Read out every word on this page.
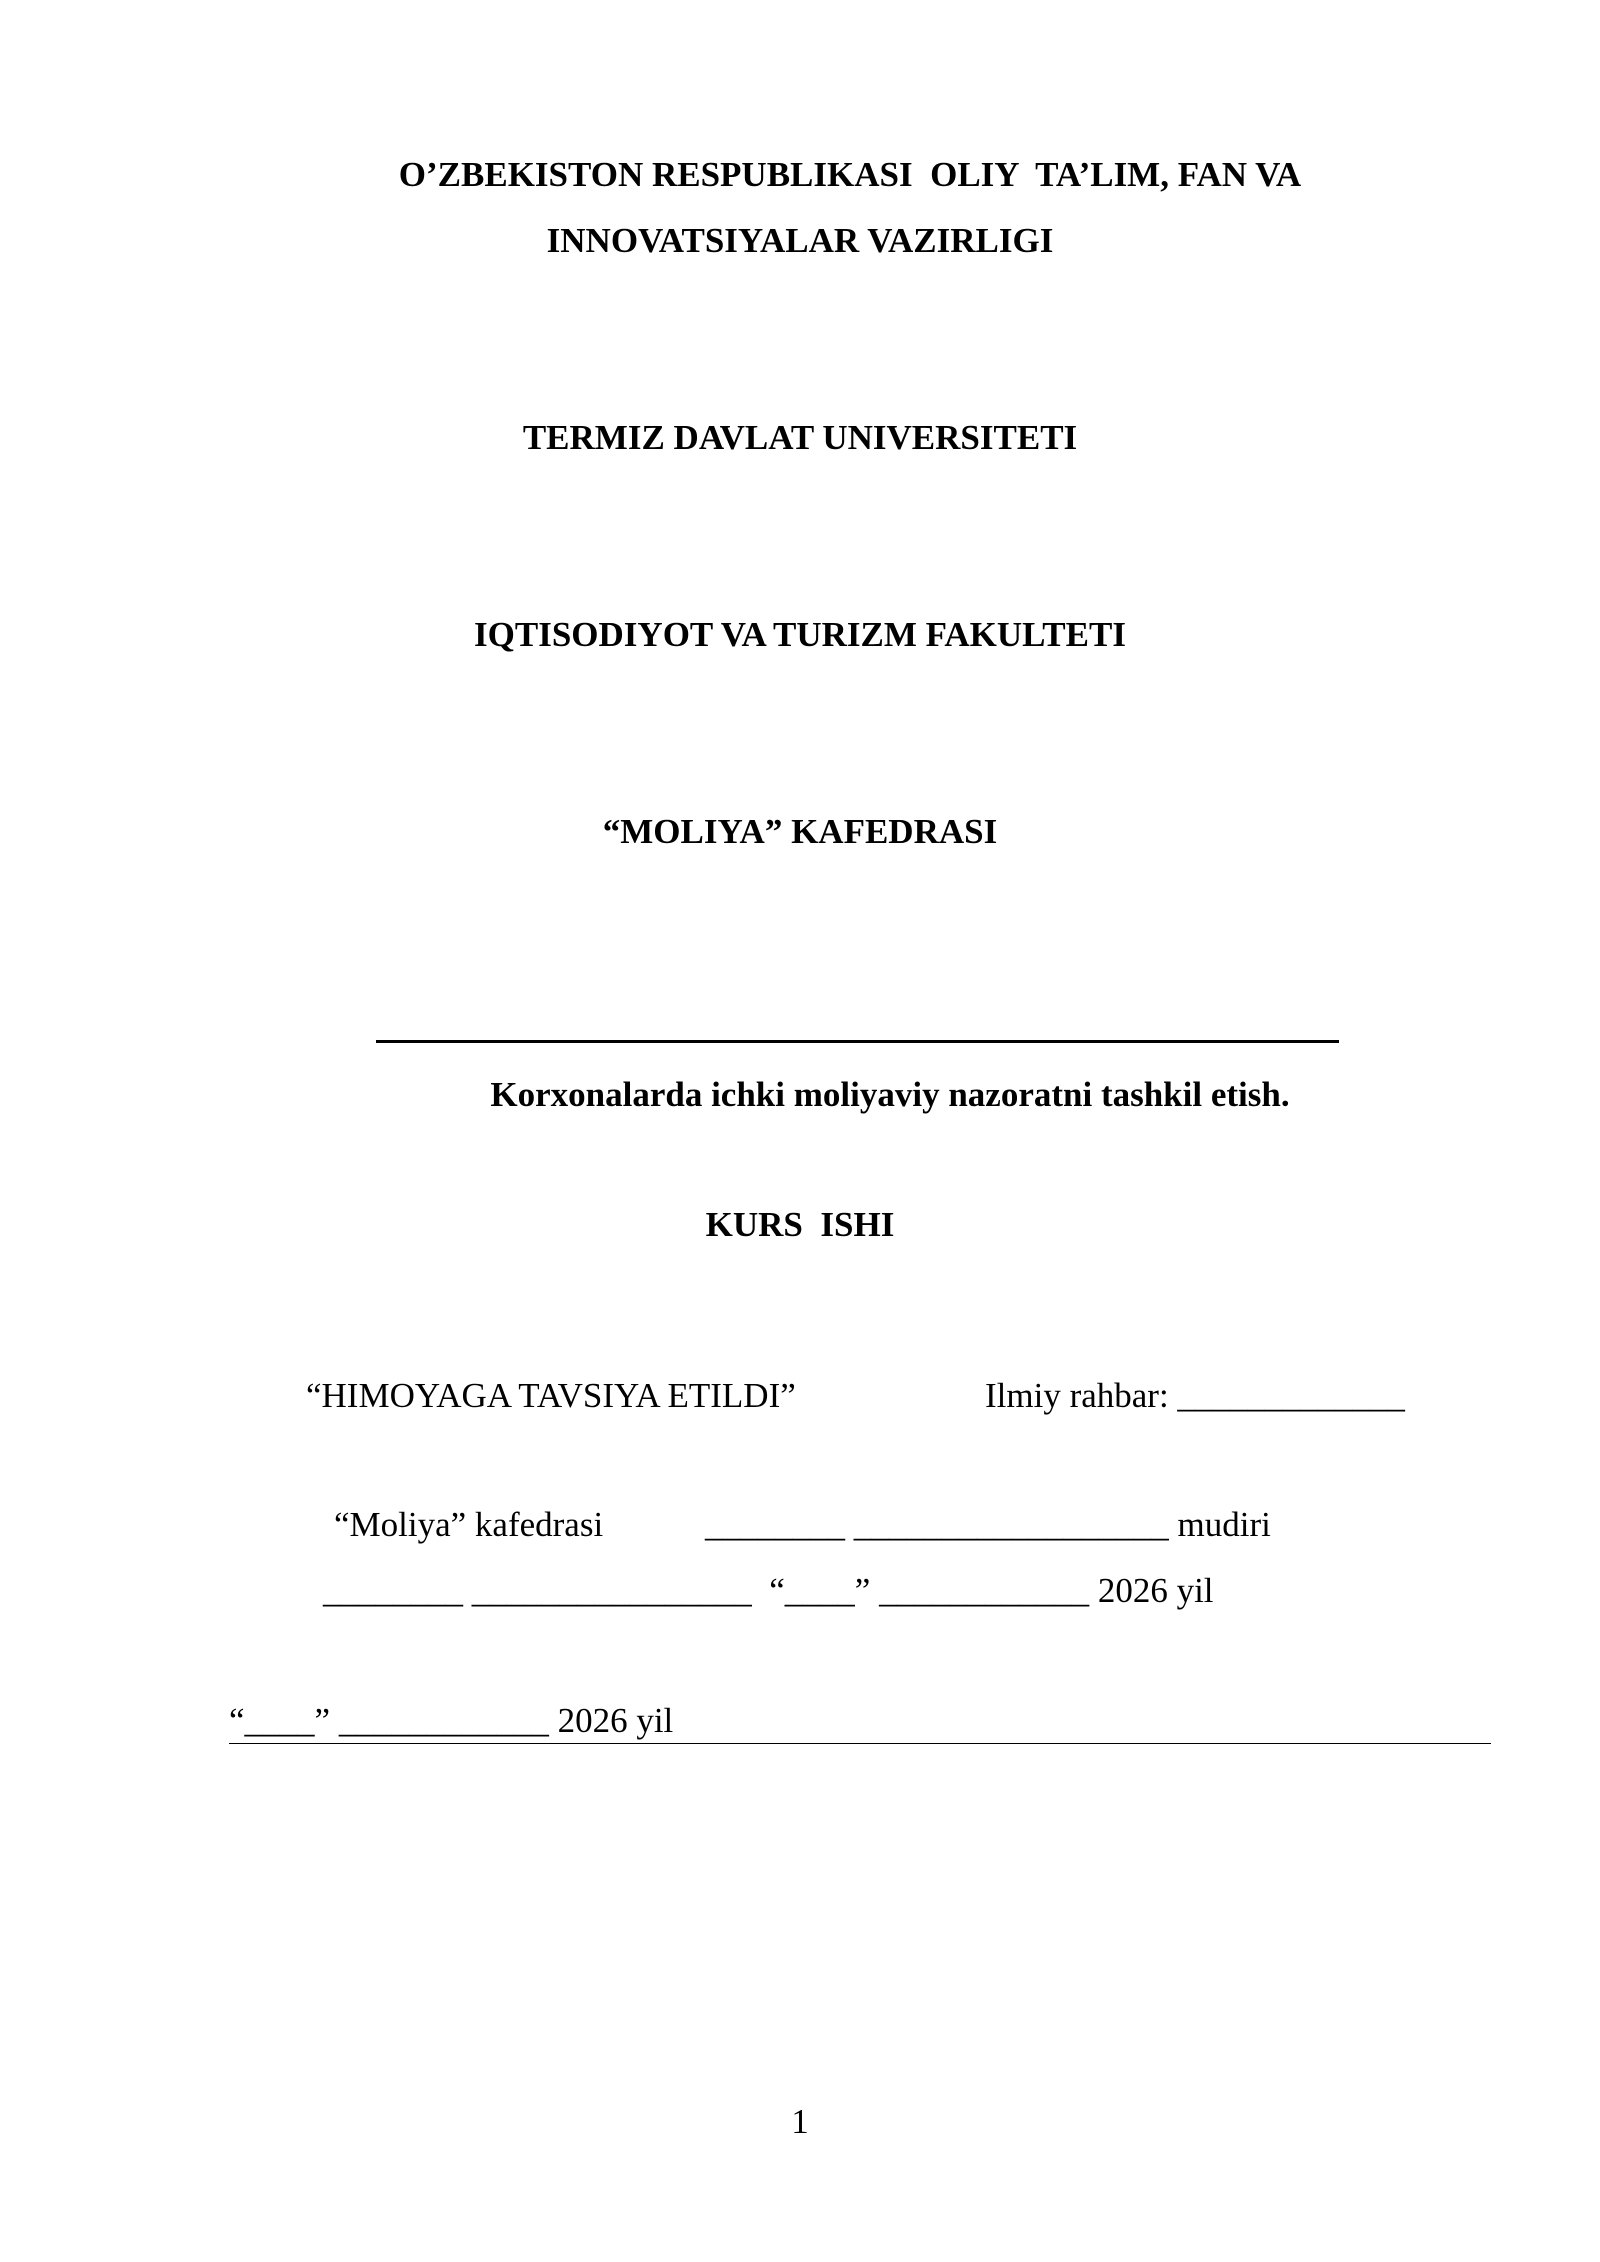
O’ZBEKISTON RESPUBLIKASI  OLIY  TA’LIM, FAN VA
INNOVATSIYALAR VAZIRLIGI
TERMIZ DAVLAT UNIVERSITETI
IQTISODIYOT VA TURIZM FAKULTETI
“MOLIYA” KAFEDRASI
Korxonalarda ichki moliyaviy nazoratni tashkil etish.
KURS  ISHI
“HIMOYAGA TAVSIYA ETILDI”	Ilmiy rahbar: _____________
“Moliya” kafedrasi	________ __________________ mudiri
________ ________________  “____” ____________ 2026 yil
“____” ____________ 2026 yil
1
